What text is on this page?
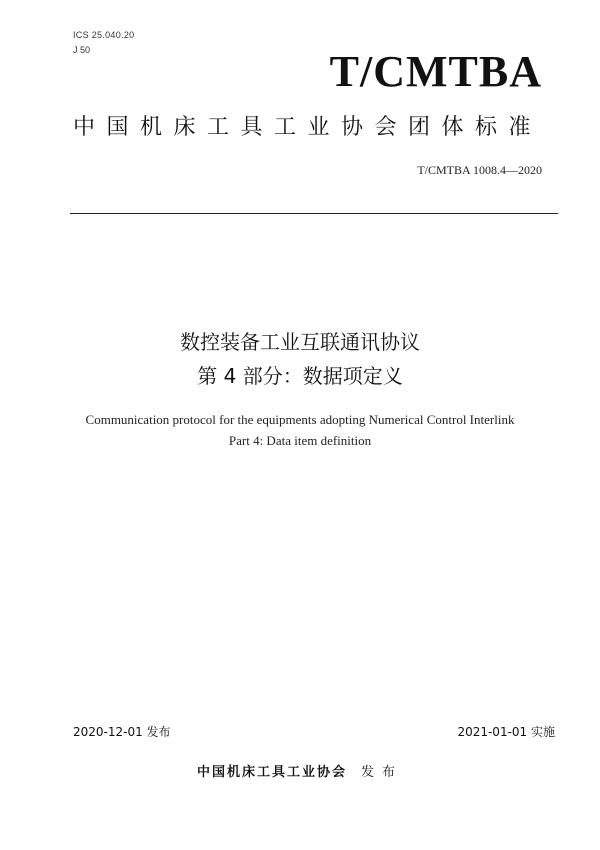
ICS 25.040.20
J 50	T/CMTBA
中国机床工具工业协会团体标准
T/CMTBA 1008.4—2020
数控装备工业互联通讯协议
第 4 部分：数据项定义
Communication protocol for the equipments adopting Numerical Control Interlink
Part 4: Data item definition
2020-12-01 发布	2021-01-01 实施
中国机床工具工业协会 发布
